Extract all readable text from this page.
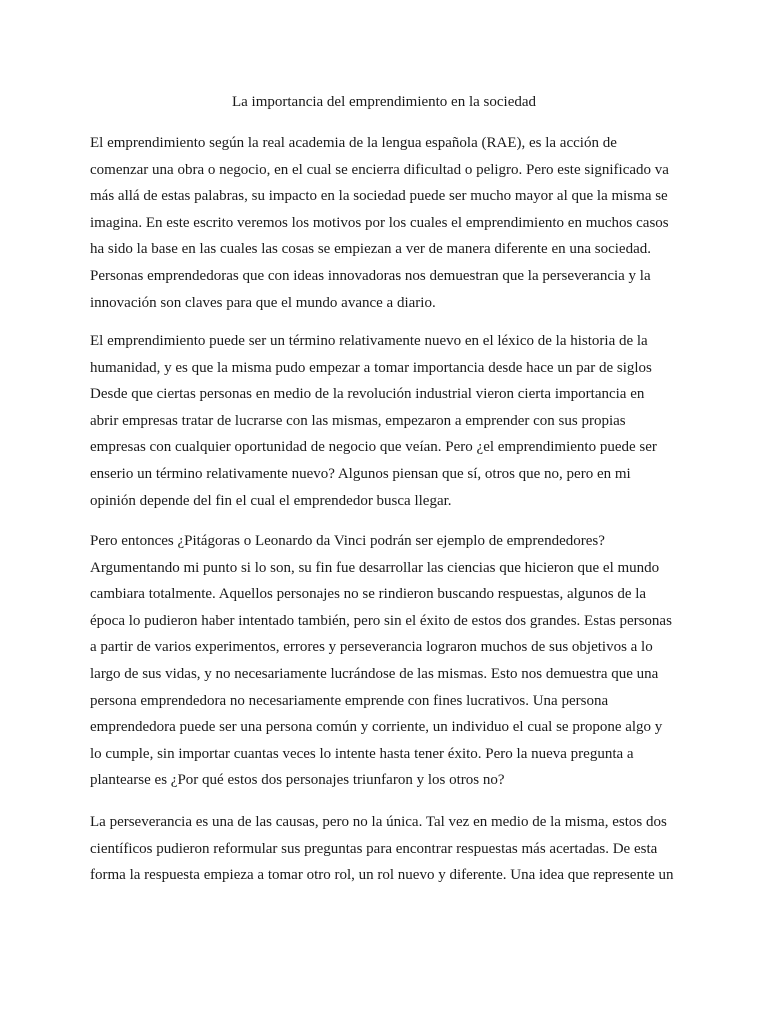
La importancia del emprendimiento en la sociedad
El emprendimiento según la real academia de la lengua española (RAE), es la acción de
comenzar una obra o negocio, en el cual se encierra dificultad o peligro. Pero este significado va
más allá de estas palabras, su impacto en la sociedad puede ser mucho mayor al que la misma se
imagina. En este escrito veremos los motivos por los cuales el emprendimiento en muchos casos
ha sido la base en las cuales las cosas se empiezan a ver de manera diferente en una sociedad.
Personas emprendedoras que con ideas innovadoras nos demuestran que la perseverancia y la
innovación son claves para que el mundo avance a diario.
El emprendimiento puede ser un término relativamente nuevo en el léxico de la historia de la
humanidad, y es que la misma pudo empezar a tomar importancia desde hace un par de siglos
Desde que ciertas personas en medio de la revolución industrial vieron cierta importancia en
abrir empresas tratar de lucrarse con las mismas, empezaron a emprender con sus propias
empresas con cualquier oportunidad de negocio que veían. Pero ¿el emprendimiento puede ser
enserio un término relativamente nuevo? Algunos piensan que sí, otros que no, pero en mi
opinión depende del fin el cual el emprendedor busca llegar.
Pero entonces ¿Pitágoras o Leonardo da Vinci podrán ser ejemplo de emprendedores?
Argumentando mi punto si lo son, su fin fue desarrollar las ciencias que hicieron que el mundo
cambiara totalmente. Aquellos personajes no se rindieron buscando respuestas, algunos de la
época lo pudieron haber intentado también, pero sin el éxito de estos dos grandes. Estas personas
a partir de varios experimentos, errores y perseverancia lograron muchos de sus objetivos a lo
largo de sus vidas, y no necesariamente lucrándose de las mismas. Esto nos demuestra que una
persona emprendedora no necesariamente emprende con fines lucrativos. Una persona
emprendedora puede ser una persona común y corriente, un individuo el cual se propone algo y
lo cumple, sin importar cuantas veces lo intente hasta tener éxito. Pero la nueva pregunta a
plantearse es ¿Por qué estos dos personajes triunfaron y los otros no?
La perseverancia es una de las causas, pero no la única. Tal vez en medio de la misma, estos dos
científicos pudieron reformular sus preguntas para encontrar respuestas más acertadas. De esta
forma la respuesta empieza a tomar otro rol, un rol nuevo y diferente. Una idea que represente un
